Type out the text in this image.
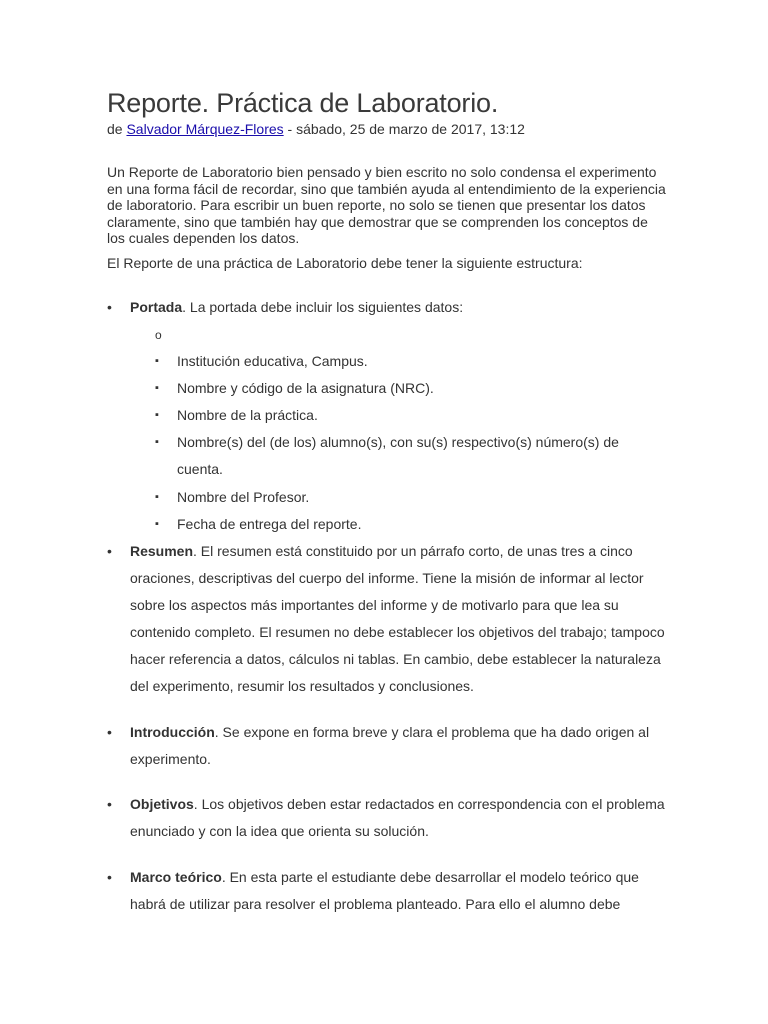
Reporte. Práctica de Laboratorio.
de Salvador Márquez-Flores - sábado, 25 de marzo de 2017, 13:12

Un Reporte de Laboratorio bien pensado y bien escrito no solo condensa el experimento en una forma fácil de recordar, sino que también ayuda al entendimiento de la experiencia de laboratorio. Para escribir un buen reporte, no solo se tienen que presentar los datos claramente, sino que también hay que demostrar que se comprenden los conceptos de los cuales dependen los datos.

El Reporte de una práctica de Laboratorio debe tener la siguiente estructura:

• Portada. La portada debe incluir los siguientes datos:
o
▪ Institución educativa, Campus.
▪ Nombre y código de la asignatura (NRC).
▪ Nombre de la práctica.
▪ Nombre(s) del (de los) alumno(s), con su(s) respectivo(s) número(s) de cuenta.
▪ Nombre del Profesor.
▪ Fecha de entrega del reporte.
• Resumen. El resumen está constituido por un párrafo corto, de unas tres a cinco oraciones, descriptivas del cuerpo del informe. Tiene la misión de informar al lector sobre los aspectos más importantes del informe y de motivarlo para que lea su contenido completo. El resumen no debe establecer los objetivos del trabajo; tampoco hacer referencia a datos, cálculos ni tablas. En cambio, debe establecer la naturaleza del experimento, resumir los resultados y conclusiones.
• Introducción. Se expone en forma breve y clara el problema que ha dado origen al experimento.
• Objetivos. Los objetivos deben estar redactados en correspondencia con el problema enunciado y con la idea que orienta su solución.
• Marco teórico. En esta parte el estudiante debe desarrollar el modelo teórico que habrá de utilizar para resolver el problema planteado. Para ello el alumno debe
